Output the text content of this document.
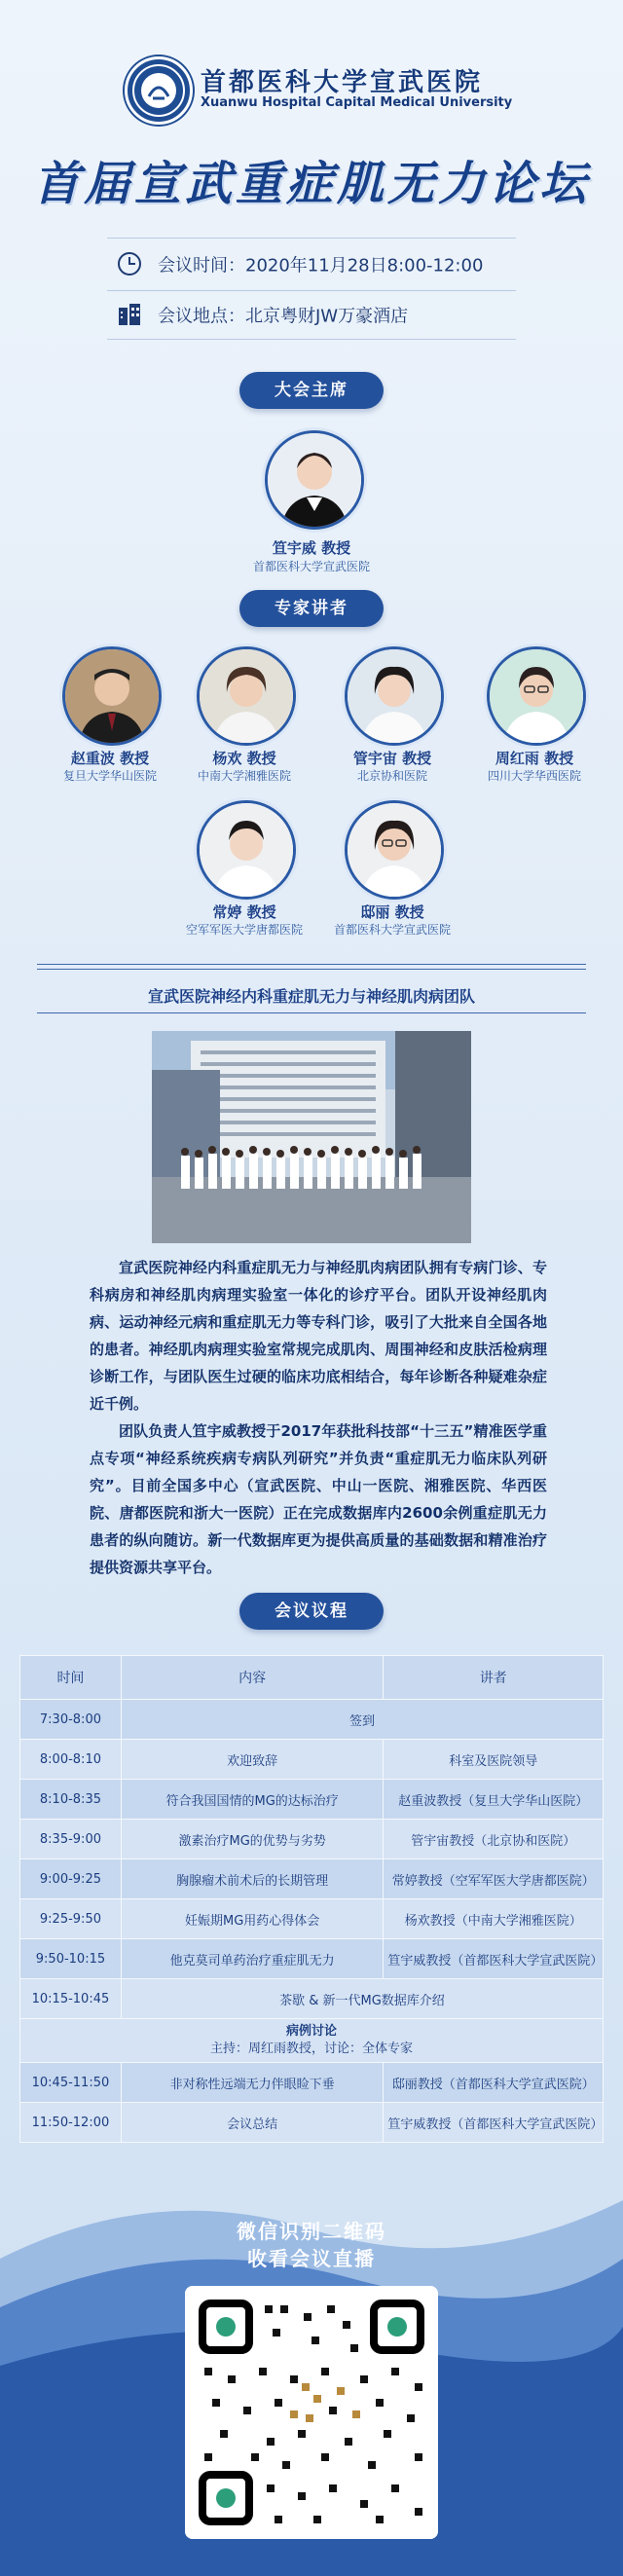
首都医科大学宣武医院
Xuanwu Hospital Capital Medical University
首届宣武重症肌无力论坛
会议时间：2020年11月28日8:00-12:00
会议地点：北京粤财JW万豪酒店
大会主席
笪宇威 教授
首都医科大学宣武医院
专家讲者
赵重波 教授
复旦大学华山医院
杨欢 教授
中南大学湘雅医院
管宇宙 教授
北京协和医院
周红雨 教授
四川大学华西医院
常婷 教授
空军军医大学唐都医院
邸丽 教授
首都医科大学宣武医院
宣武医院神经内科重症肌无力与神经肌肉病团队

宣武医院神经内科重症肌无力与神经肌肉病团队拥有专病门诊、专科病房和神经肌肉病理实验室一体化的诊疗平台。团队开设神经肌肉病、运动神经元病和重症肌无力等专科门诊，吸引了大批来自全国各地的患者。神经肌肉病理实验室常规完成肌肉、周围神经和皮肤活检病理诊断工作，与团队医生过硬的临床功底相结合，每年诊断各种疑难杂症近千例。

团队负责人笪宇威教授于2017年获批科技部“十三五”精准医学重点专项“神经系统疾病专病队列研究”并负责“重症肌无力临床队列研究”。目前全国多中心（宣武医院、中山一医院、湘雅医院、华西医院、唐都医院和浙大一医院）正在完成数据库内2600余例重症肌无力患者的纵向随访。新一代数据库更为提供高质量的基础数据和精准治疗提供资源共享平台。

会议议程
时间	内容	讲者
7:30-8:00	签到	
8:00-8:10	欢迎致辞	科室及医院领导
8:10-8:35	符合我国国情的MG的达标治疗	赵重波教授（复旦大学华山医院）
8:35-9:00	激素治疗MG的优势与劣势	管宇宙教授（北京协和医院）
9:00-9:25	胸腺瘤术前术后的长期管理	常婷教授（空军军医大学唐都医院）
9:25-9:50	妊娠期MG用药心得体会	杨欢教授（中南大学湘雅医院）
9:50-10:15	他克莫司单药治疗重症肌无力	笪宇威教授（首都医科大学宣武医院）
10:15-10:45	茶歇 & 新一代MG数据库介绍	

病例讨论
主持：周红雨教授，讨论：全体专家		

10:45-11:50	非对称性远端无力伴眼睑下垂	邸丽教授（首都医科大学宣武医院）
11:50-12:00	会议总结	笪宇威教授（首都医科大学宣武医院）
微信识别二维码
收看会议直播
